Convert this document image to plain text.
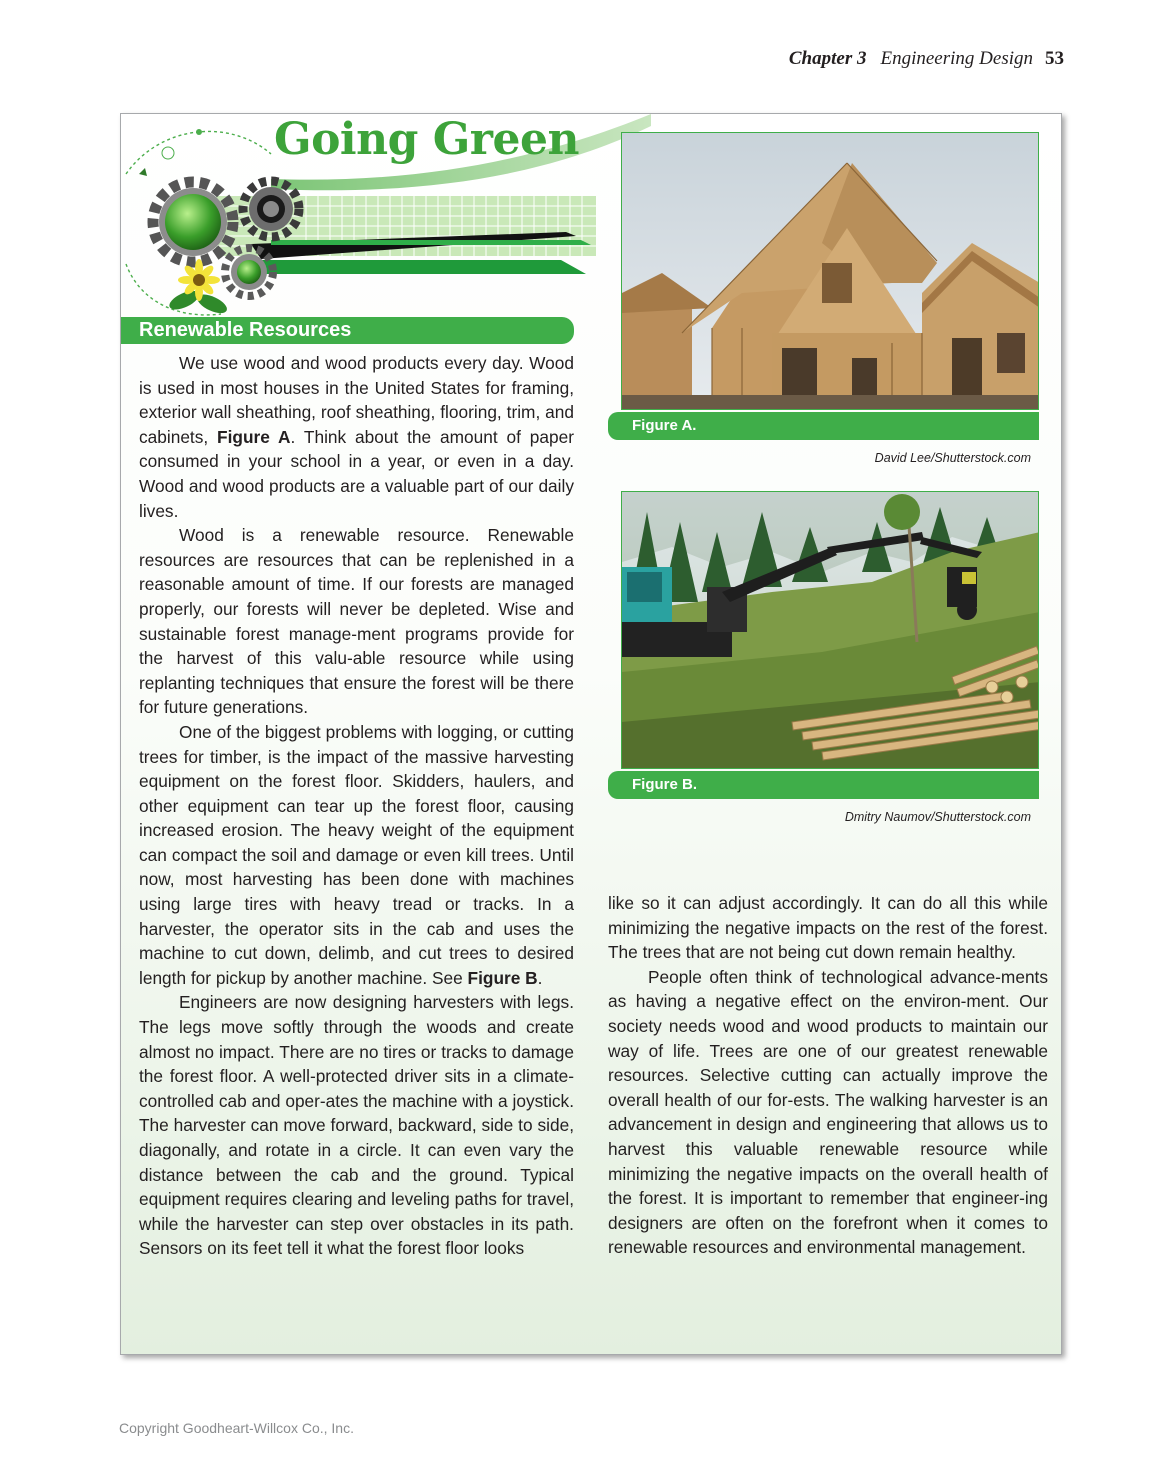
Chapter 3 Engineering Design 53
Going Green
Renewable Resources

We use wood and wood products every day. Wood is used in most houses in the United States for framing, exterior wall sheathing, roof sheathing, flooring, trim, and cabinets, Figure A. Think about the amount of paper consumed in your school in a year, or even in a day. Wood and wood products are a valuable part of our daily lives.

Wood is a renewable resource. Renewable resources are resources that can be replenished in a reasonable amount of time. If our forests are managed properly, our forests will never be depleted. Wise and sustainable forest manage-ment programs provide for the harvest of this valu-able resource while using replanting techniques that ensure the forest will be there for future generations.

One of the biggest problems with logging, or cutting trees for timber, is the impact of the massive harvesting equipment on the forest floor. Skidders, haulers, and other equipment can tear up the forest floor, causing increased erosion. The heavy weight of the equipment can compact the soil and damage or even kill trees. Until now, most harvesting has been done with machines using large tires with heavy tread or tracks. In a harvester, the operator sits in the cab and uses the machine to cut down, delimb, and cut trees to desired length for pickup by another machine. See Figure B.

Engineers are now designing harvesters with legs. The legs move softly through the woods and create almost no impact. There are no tires or tracks to damage the forest floor. A well-protected driver sits in a climate-controlled cab and oper-ates the machine with a joystick. The harvester can move forward, backward, side to side, diagonally, and rotate in a circle. It can even vary the distance between the cab and the ground. Typical equipment requires clearing and leveling paths for travel, while the harvester can step over obstacles in its path. Sensors on its feet tell it what the forest floor looks

Figure A.
David Lee/Shutterstock.com
Figure B.
Dmitry Naumov/Shutterstock.com

like so it can adjust accordingly. It can do all this while minimizing the negative impacts on the rest of the forest. The trees that are not being cut down remain healthy.

People often think of technological advance-ments as having a negative effect on the environ-ment. Our society needs wood and wood products to maintain our way of life. Trees are one of our greatest renewable resources. Selective cutting can actually improve the overall health of our for-ests. The walking harvester is an advancement in design and engineering that allows us to harvest this valuable renewable resource while minimizing the negative impacts on the overall health of the forest. It is important to remember that engineer-ing designers are often on the forefront when it comes to renewable resources and environmental management.

Copyright Goodheart-Willcox Co., Inc.
